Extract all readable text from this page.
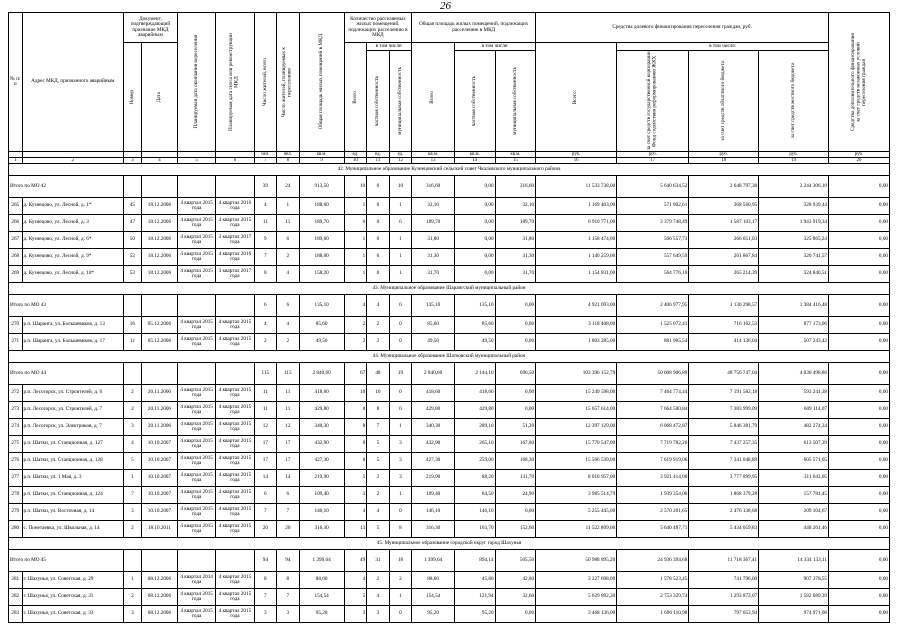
26
№ п/п	Адрес МКД, признанного аварийным	Документ, подтверждающий признание МКД аварийным		Планируемая дата окончания переселения	Планируемая дата сноса или реконструкции МКД	Число жителей, всего	Число жителей, планируемых к переселению	Общая площадь жилых помещений в МКД	Количество расселяемых жилых помещений, подлежащих расселению в МКД			Общая площадь жилых помещений, подлежащих расселению в МКД			Средства долевого финансирования переселения граждан, руб.				Средства дополнительного финансирования за счет средств незаконных условий переселения граждан

		Номер	Дата						Всего	в том числе:		Всего	в том числе:		Всего:	в том числе:			

										частная собственность	муниципальная собственность		частная собственность	муниципальная собственность		за счет средств государственной корпорации Фонд содействия реформированию ЖКХ	за счет средств областного бюджета	за счет средств местного бюджета	

						чел.	чел.	кв.м.	ед.	ед.	ед.	кв.м.	кв.м.	кв.м.	руб.	руб.	руб.	руб.	руб.
1	2	3	4	5	6	7	8	9	10	11	12	13	14	15	16	17	18	19	20
42. Муниципальное образование Кузнецовский сельский совет Чкаловского муниципального района																			
Итого по МО 42						39	24	913,50	10	0	10	316,60	0,00	316,60	11 533 738,00	5 640 634,52	2 648 797,38	3 244 306,10	0,00
265	д. Кузнецово, ул. Лесной, д. 1*	45	18.12.2006	4 квартал 2015 года	4 квартал 2016 года	4	1	188,60	1	0	1	32,10	0,00	32,10	1 169 403,00	571 902,61	268 560,95	328 939,44	0,00
266	д. Кузнецово, ул. Лесной, д. 3	47	18.12.2006	4 квартал 2015 года	4 квартал 2015 года	11	11	189,70	6	0	6	189,70	0,00	189,70	6 910 771,00	3 379 748,49	1 587 103,17	1 943 919,34	0,00
267	д. Кузнецово, ул. Лесной, д. 6*	50	18.12.2006	4 квартал 2015 года	3 квартал 2017 года	9	6	189,00	1	0	1	31,80	0,00	31,80	1 158 474,00	566 557,73	266 051,03	325 865,24	0,00
268	д. Кузнецово, ул. Лесной, д. 9*	52	18.12.2006	4 квартал 2015 года	4 квартал 2016 года	7	2	188,00	1	0	1	31,30	0,00	31,30	1 140 259,00	557 649,59	261 867,84	320 741,57	0,00
269	д. Кузнецово, ул. Лесной, д. 10*	53	18.12.2006	4 квартал 2015 года	3 квартал 2017 года	8	4	158,20	1	0	1	31,70	0,00	31,70	1 154 831,00	564 776,10	265 214,39	324 840,51	0,00
43. Муниципальное образование Шарангский муниципальный район																			
Итого по МО 43						6	6	135,10	4	4	0	135,10	135,10	0,00	4 921 693,00	2 406 977,95	1 130 298,57	1 384 416,48	0,00
270	р.п. Шаранга, ул. Большевиков, д. 13	16	05.12.2006	4 квартал 2015 года	4 квартал 2015 года	4	4	85,60	2	2	0	85,60	85,60	0,00	3 118 408,00	1 525 072,41	716 162,53	877 173,06	0,00
271	р.п. Шаранга, ул. Большевиков, д. 17	1г	05.12.2006	4 квартал 2015 года	4 квартал 2015 года	2	2	49,50	2	2	0	49,50	49,50	0,00	1 803 285,00	881 905,54	414 136,04	507 243,42	0,00
44. Муниципальное образование Шатковский муниципальный район																			
Итого по МО 44						115	115	2 840,60	67	48	19	2 840,60	2 144,10	696,50	103 396 152,79	50 608 906,89	48 756 747,04	4 030 498,86	0,00
272	р.п. Лесогорск, ул. Строителей, д. 6	2	20.11.2006	4 квартал 2015 года	4 квартал 2015 года	11	11	418,60	10	10	0	418,60	418,60	0,00	15 249 598,00	7 464 774,44	7 191 582,18	593 241,38	0,00
273	р.п. Лесогорск, ул. Строителей, д. 7	2	20.11.2006	4 квартал 2015 года	4 квартал 2015 года	11	11	429,80	8	8	0	429,80	429,80	0,00	15 657 614,00	7 664 500,84	7 383 999,09	609 114,07	0,00
274	р.п. Лесогорск, ул. Электриков, д. 7	3	20.11.2006	4 квартал 2015 года	4 квартал 2015 года	12	12	340,30	8	7	1	340,30	289,10	51,20	12 397 129,00	6 068 472,87	5 846 381,79	482 274,34	0,00
275	р.п. Шатки, ул. Станционная, д. 127	4	10.10.2007	4 квартал 2015 года	4 квартал 2015 года	17	17	432,90	8	5	3	432,90	265,10	167,80	15 770 547,00	7 719 782,26	7 437 257,35	613 507,39	0,00
276	р.п. Шатки, ул. Станционная, д. 128	5	10.10.2007	4 квартал 2015 года	4 квартал 2015 года	17	17	427,30	8	5	3	427,30	259,00	168,30	15 566 539,00	7 619 919,06	7 341 048,89	605 571,05	0,00
277	р.п. Шатки, ул. 1 Мая, д. 3	1	10.10.2007	4 квартал 2015 года	4 квартал 2015 года	14	14	219,90	5	2	3	219,90	88,20	131,70	8 010 957,00	3 921 414,00	3 777 899,95	311 643,05	0,00
278	р.п. Шатки, ул. Станционная, д. 124	7	10.10.2007	4 квартал 2015 года	4 квартал 2015 года	6	6	109,40	3	2	1	109,40	84,50	24,90	3 985 514,79	1 939 354,06	1 868 379,28	157 781,45	0,00
279	р.п. Шатки, ул. Восточная, д. 14	3	10.10.2007	4 квартал 2015 года	4 квартал 2015 года	7	7	146,10	4	4	0	146,10	146,10	0,00	5 255 445,00	2 570 201,65	2 476 138,68	209 104,67	0,00
280	с. Понетаевка, ул. Школьная, д. 14	2	18.10.2011	4 квартал 2015 года	4 квартал 2015 года	20	20	316,30	13	5	8	316,30	163,70	152,60	11 522 809,00	5 640 487,71	5 434 059,83	448 261,46	0,00
45. Муниципальное образование городской округ город Шахунья																			
Итого по МО 45						94	94	1 399,64	49	31	18	1 399,64	894,14	505,50	50 988 895,20	24 936 394,68	11 718 367,41	14 334 133,11	0,00
281	г. Шахунья, ул. Советская, д. 29	1	08.12.2006	4 квартал 2014 года	4 квартал 2015 года	8	8	88,60	4	2	2	88,60	45,80	42,80	3 227 698,00	1 578 523,45	741 796,00	907 378,55	0,00
282	г. Шахунья, ул. Советская, д. 31	2	08.12.2006	4 квартал 2015 года	4 квартал 2015 года	7	7	154,54	5	4	1	154,54	121,94	32,60	5 629 892,20	2 753 329,74	1 293 873,07	1 582 689,39	0,00
283	г. Шахунья, ул. Советская, д. 33	3	08.12.2006	4 квартал 2015 года	4 квартал 2015 года	3	3	95,20	3	3	0	95,20	95,20	0,00	3 468 136,00	1 696 110,98	797 053,94	974 971,08	0,00
